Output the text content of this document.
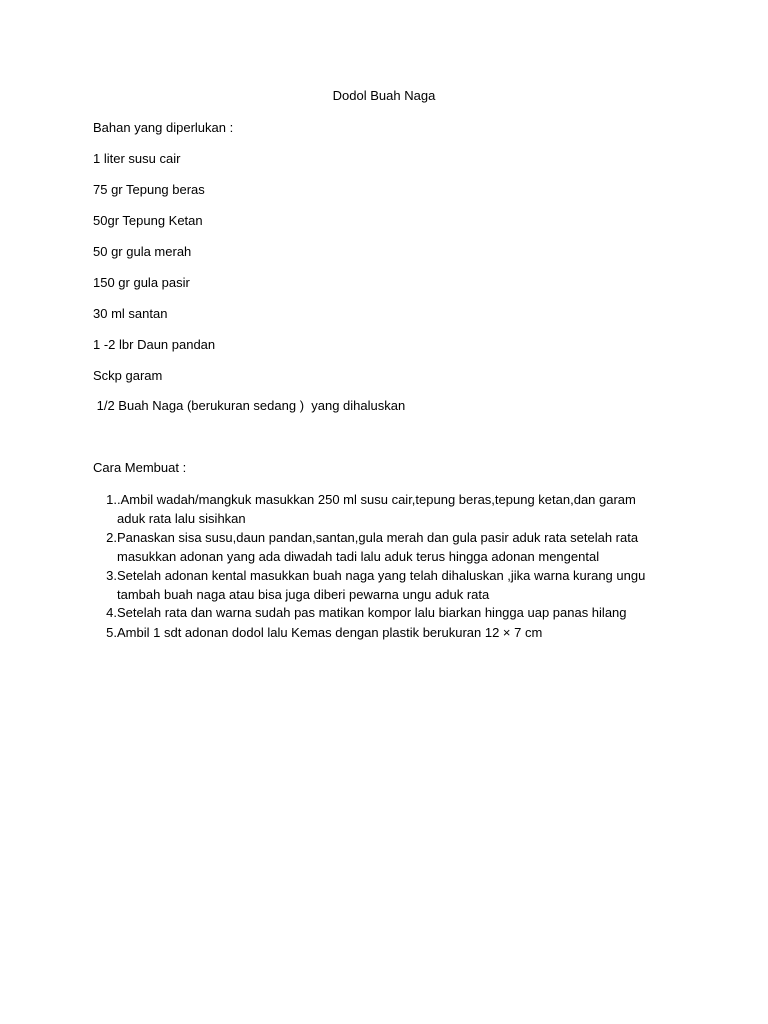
Dodol Buah Naga
Bahan yang diperlukan :
1 liter susu cair
75 gr Tepung beras
50gr Tepung Ketan
50 gr gula merah
150 gr gula pasir
30 ml santan
1 -2 lbr Daun pandan
Sckp garam
1/2 Buah Naga (berukuran sedang )  yang dihaluskan
Cara Membuat :
1. .Ambil wadah/mangkuk masukkan 250 ml susu cair,tepung beras,tepung ketan,dan garam aduk rata lalu sisihkan
2. Panaskan sisa susu,daun pandan,santan,gula merah dan gula pasir aduk rata setelah rata masukkan adonan yang ada diwadah tadi lalu aduk terus hingga adonan mengental
3. Setelah adonan kental masukkan buah naga yang telah dihaluskan ,jika warna kurang ungu tambah buah naga atau bisa juga diberi pewarna ungu aduk rata
4. Setelah rata dan warna sudah pas matikan kompor lalu biarkan hingga uap panas hilang
5. Ambil 1 sdt adonan dodol lalu Kemas dengan plastik berukuran 12 × 7 cm
